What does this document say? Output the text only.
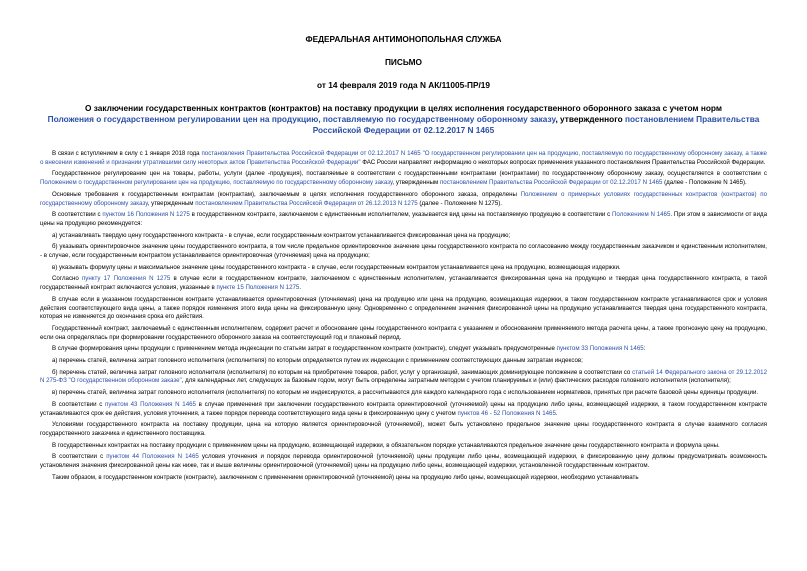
ФЕДЕРАЛЬНАЯ АНТИМОНОПОЛЬНАЯ СЛУЖБА
ПИСЬМО
от 14 февраля 2019 года N АК/11005-ПР/19
О заключении государственных контрактов (контрактов) на поставку продукции в целях исполнения государственного оборонного заказа с учетом норм
Положения о государственном регулировании цен на продукцию, поставляемую по государственному оборонному заказу, утвержденного постановлением Правительства Российской Федерации от 02.12.2017 N 1465

В связи с вступлением в силу с 1 января 2018 года постановления Правительства Российской Федерации от 02.12.2017 N 1465 "О государственном регулировании цен на продукцию, поставляемую по государственному оборонному заказу, а также о внесении изменений и признании утратившими силу некоторых актов Правительства Российской Федерации" ФАС России направляет информацию о некоторых вопросах применения указанного постановления Правительства Российской Федерации.

Государственное регулирование цен на товары, работы, услуги (далее -продукция), поставляемые в соответствии с государственными контрактами (контрактами) по государственному оборонному заказу, осуществляется в соответствии с Положением о государственном регулировании цен на продукцию, поставляемую по государственному оборонному заказу, утвержденным постановлением Правительства Российской Федерации от 02.12.2017 N 1465 (далее - Положение N 1465).

Основные требования к государственным контрактам (контрактам), заключаемым в целях исполнения государственного оборонного заказа, определены Положением о примерных условиях государственных контрактов (контрактов) по государственному оборонному заказу, утвержденным постановлением Правительства Российской Федерации от 26.12.2013 N 1275 (далее - Положение N 1275).

В соответствии с пунктом 16 Положения N 1275 в государственном контракте, заключаемом с единственным исполнителем, указывается вид цены на поставляемую продукцию в соответствии с Положением N 1465. При этом в зависимости от вида цены на продукцию рекомендуется:

а) устанавливать твердую цену государственного контракта - в случае, если государственным контрактом устанавливается фиксированная цена на продукцию;

б) указывать ориентировочное значение цены государственного контракта, в том числе предельное ориентировочное значение цены государственного контракта по согласованию между государственным заказчиком и единственным исполнителем, - в случае, если государственным контрактом устанавливается ориентировочная (уточняемая) цена на продукцию;

в) указывать формулу цены и максимальное значение цены государственного контракта - в случае, если государственным контрактом устанавливается цена на продукцию, возмещающая издержки.

Согласно пункту 17 Положения N 1275 в случае если в государственном контракте, заключаемом с единственным исполнителем, устанавливается фиксированная цена на продукцию и твердая цена государственного контракта, в такой государственный контракт включаются условия, указанные в пункте 15 Положения N 1275.

В случае если в указанном государственном контракте устанавливается ориентировочная (уточняемая) цена на продукцию или цена на продукцию, возмещающая издержки, в таком государственном контракте устанавливаются срок и условия действия соответствующего вида цены, а также порядок изменения этого вида цены на фиксированную цену. Одновременно с определением значения фиксированной цены на продукцию устанавливается твердая цена государственного контракта, которая не изменяется до окончания срока его действия.

Государственный контракт, заключаемый с единственным исполнителем, содержит расчет и обоснование цены государственного контракта с указанием и обоснованием применяемого метода расчета цены, а также прогнозную цену на продукцию, если она определялась при формировании государственного оборонного заказа на соответствующий год и плановый период.

В случае формирования цены продукции с применением метода индексации по статьям затрат в государственном контракте (контракте), следует указывать предусмотренные пунктом 33 Положения N 1465:

а) перечень статей, величина затрат головного исполнителя (исполнителя) по которым определяется путем их индексации с применением соответствующих данным затратам индексов;

б) перечень статей, величина затрат головного исполнителя (исполнителя) по которым на приобретение товаров, работ, услуг у организаций, занимающих доминирующее положение в соответствии со статьей 14 Федерального закона от 29.12.2012 N 275-ФЗ "О государственном оборонном заказе", для календарных лет, следующих за базовым годом, могут быть определены затратным методом с учетом планируемых и (или) фактических расходов головного исполнителя (исполнителя);

в) перечень статей, величина затрат головного исполнителя (исполнителя) по которым не индексируются, а рассчитываются для каждого календарного года с использованием нормативов, принятых при расчете базовой цены единицы продукции.

В соответствии с пунктом 43 Положения N 1465 в случае применения при заключении государственного контракта ориентировочной (уточняемой) цены на продукцию либо цены, возмещающей издержки, в таком государственном контракте устанавливаются срок ее действия, условия уточнения, а также порядок перевода соответствующего вида цены в фиксированную цену с учетом пунктов 46 - 52 Положения N 1465.

Условиями государственного контракта на поставку продукции, цена на которую является ориентировочной (уточняемой), может быть установлено предельное значение цены государственного контракта в случае взаимного согласия государственного заказчика и единственного поставщика.

В государственных контрактах на поставку продукции с применением цены на продукцию, возмещающей издержки, в обязательном порядке устанавливаются предельное значение цены государственного контракта и формула цены.

В соответствии с пунктом 44 Положения N 1465 условия уточнения и порядок перевода ориентировочной (уточняемой) цены продукции либо цены, возмещающей издержки, в фиксированную цену должны предусматривать возможность установления значения фиксированной цены как ниже, так и выше величины ориентировочной (уточняемой) цены на продукцию либо цены, возмещающей издержки, установленной государственным контрактом.

Таким образом, в государственном контракте (контракте), заключенном с применением ориентировочной (уточняемой) цены на продукцию либо цены, возмещающей издержки, необходимо устанавливать
